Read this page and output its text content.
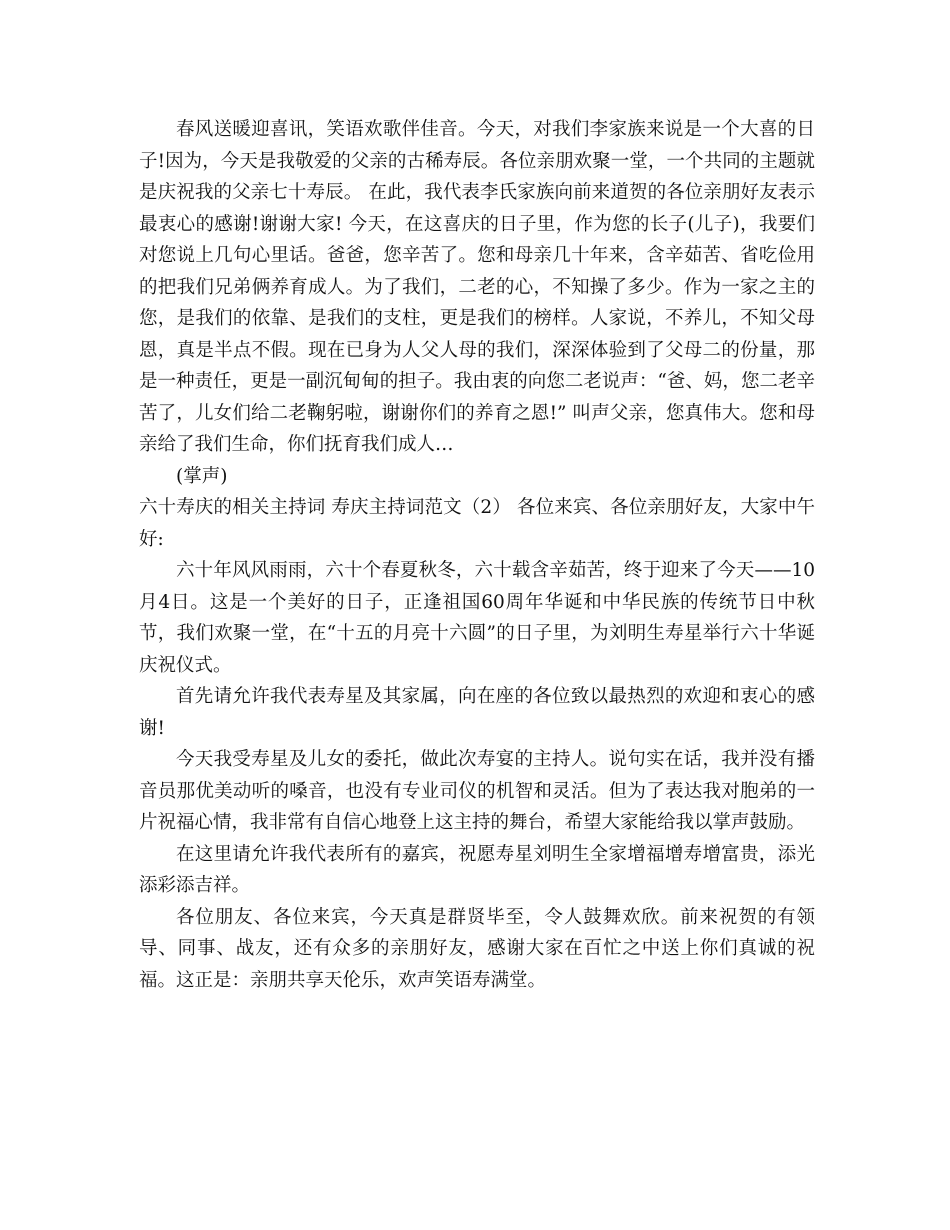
春风送暖迎喜讯，笑语欢歌伴佳音。今天，对我们李家族来说是一个大喜的日子!因为，今天是我敬爱的父亲的古稀寿辰。各位亲朋欢聚一堂，一个共同的主题就是庆祝我的父亲七十寿辰。 在此，我代表李氏家族向前来道贺的各位亲朋好友表示最衷心的感谢!谢谢大家! 今天，在这喜庆的日子里，作为您的长子(儿子)，我要们对您说上几句心里话。爸爸，您辛苦了。您和母亲几十年来，含辛茹苦、省吃俭用的把我们兄弟俩养育成人。为了我们，二老的心，不知操了多少。作为一家之主的您，是我们的依靠、是我们的支柱，更是我们的榜样。人家说，不养儿，不知父母恩，真是半点不假。现在已身为人父人母的我们，深深体验到了父母二的份量，那是一种责任，更是一副沉甸甸的担子。我由衷的向您二老说声：“爸、妈，您二老辛苦了，儿女们给二老鞠躬啦，谢谢你们的养育之恩!” 叫声父亲，您真伟大。您和母亲给了我们生命，你们抚育我们成人…

(掌声)

六十寿庆的相关主持词 寿庆主持词范文（2） 各位来宾、各位亲朋好友，大家中午好:

六十年风风雨雨，六十个春夏秋冬，六十载含辛茹苦，终于迎来了今天——10月4日。这是一个美好的日子，正逢祖国60周年华诞和中华民族的传统节日中秋节，我们欢聚一堂，在“十五的月亮十六圆”的日子里，为刘明生寿星举行六十华诞庆祝仪式。

首先请允许我代表寿星及其家属，向在座的各位致以最热烈的欢迎和衷心的感谢!

今天我受寿星及儿女的委托，做此次寿宴的主持人。说句实在话，我并没有播音员那优美动听的嗓音，也没有专业司仪的机智和灵活。但为了表达我对胞弟的一片祝福心情，我非常有自信心地登上这主持的舞台，希望大家能给我以掌声鼓励。

在这里请允许我代表所有的嘉宾，祝愿寿星刘明生全家增福增寿增富贵，添光添彩添吉祥。

各位朋友、各位来宾，今天真是群贤毕至，令人鼓舞欢欣。前来祝贺的有领导、同事、战友，还有众多的亲朋好友，感谢大家在百忙之中送上你们真诚的祝福。这正是：亲朋共享天伦乐，欢声笑语寿满堂。
